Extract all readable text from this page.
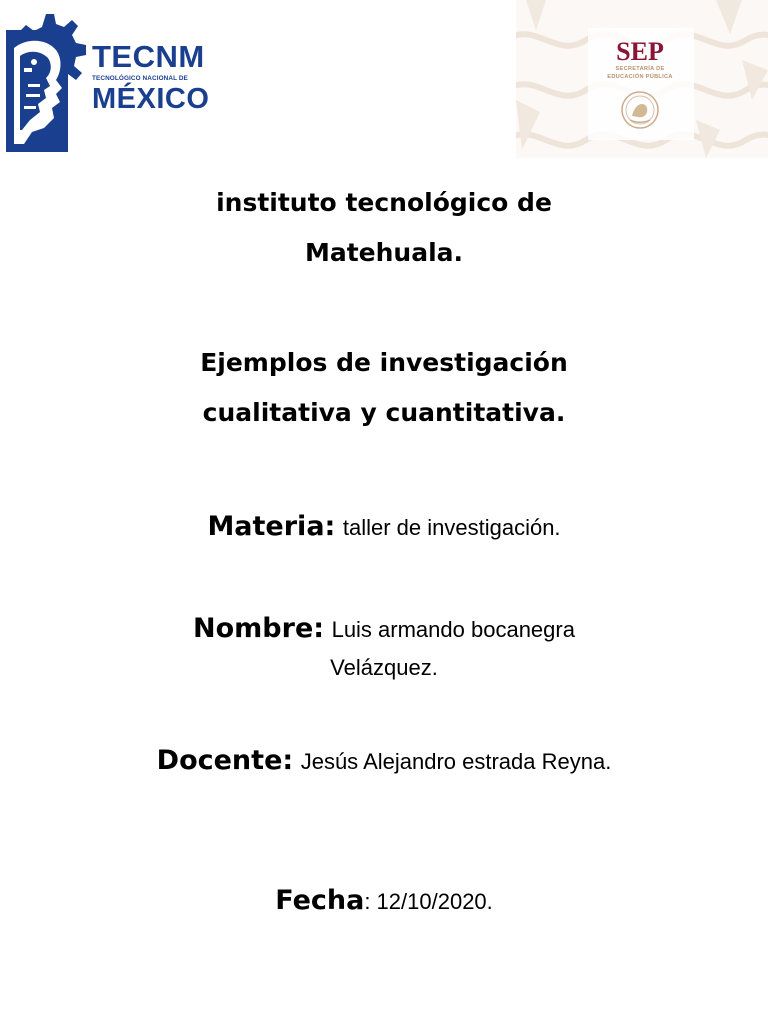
TECNM
TECNOLÓGICO NACIONAL DE
MÉXICO
SEP
SECRETARÍA DE
EDUCACIÓN PÚBLICA
instituto tecnológico de
Matehuala.
Ejemplos de investigación
cualitativa y cuantitativa.
Materia: taller de investigación.
Nombre: Luis armando bocanegra
Velázquez.
Docente: Jesús Alejandro estrada Reyna.
Fecha: 12/10/2020.
